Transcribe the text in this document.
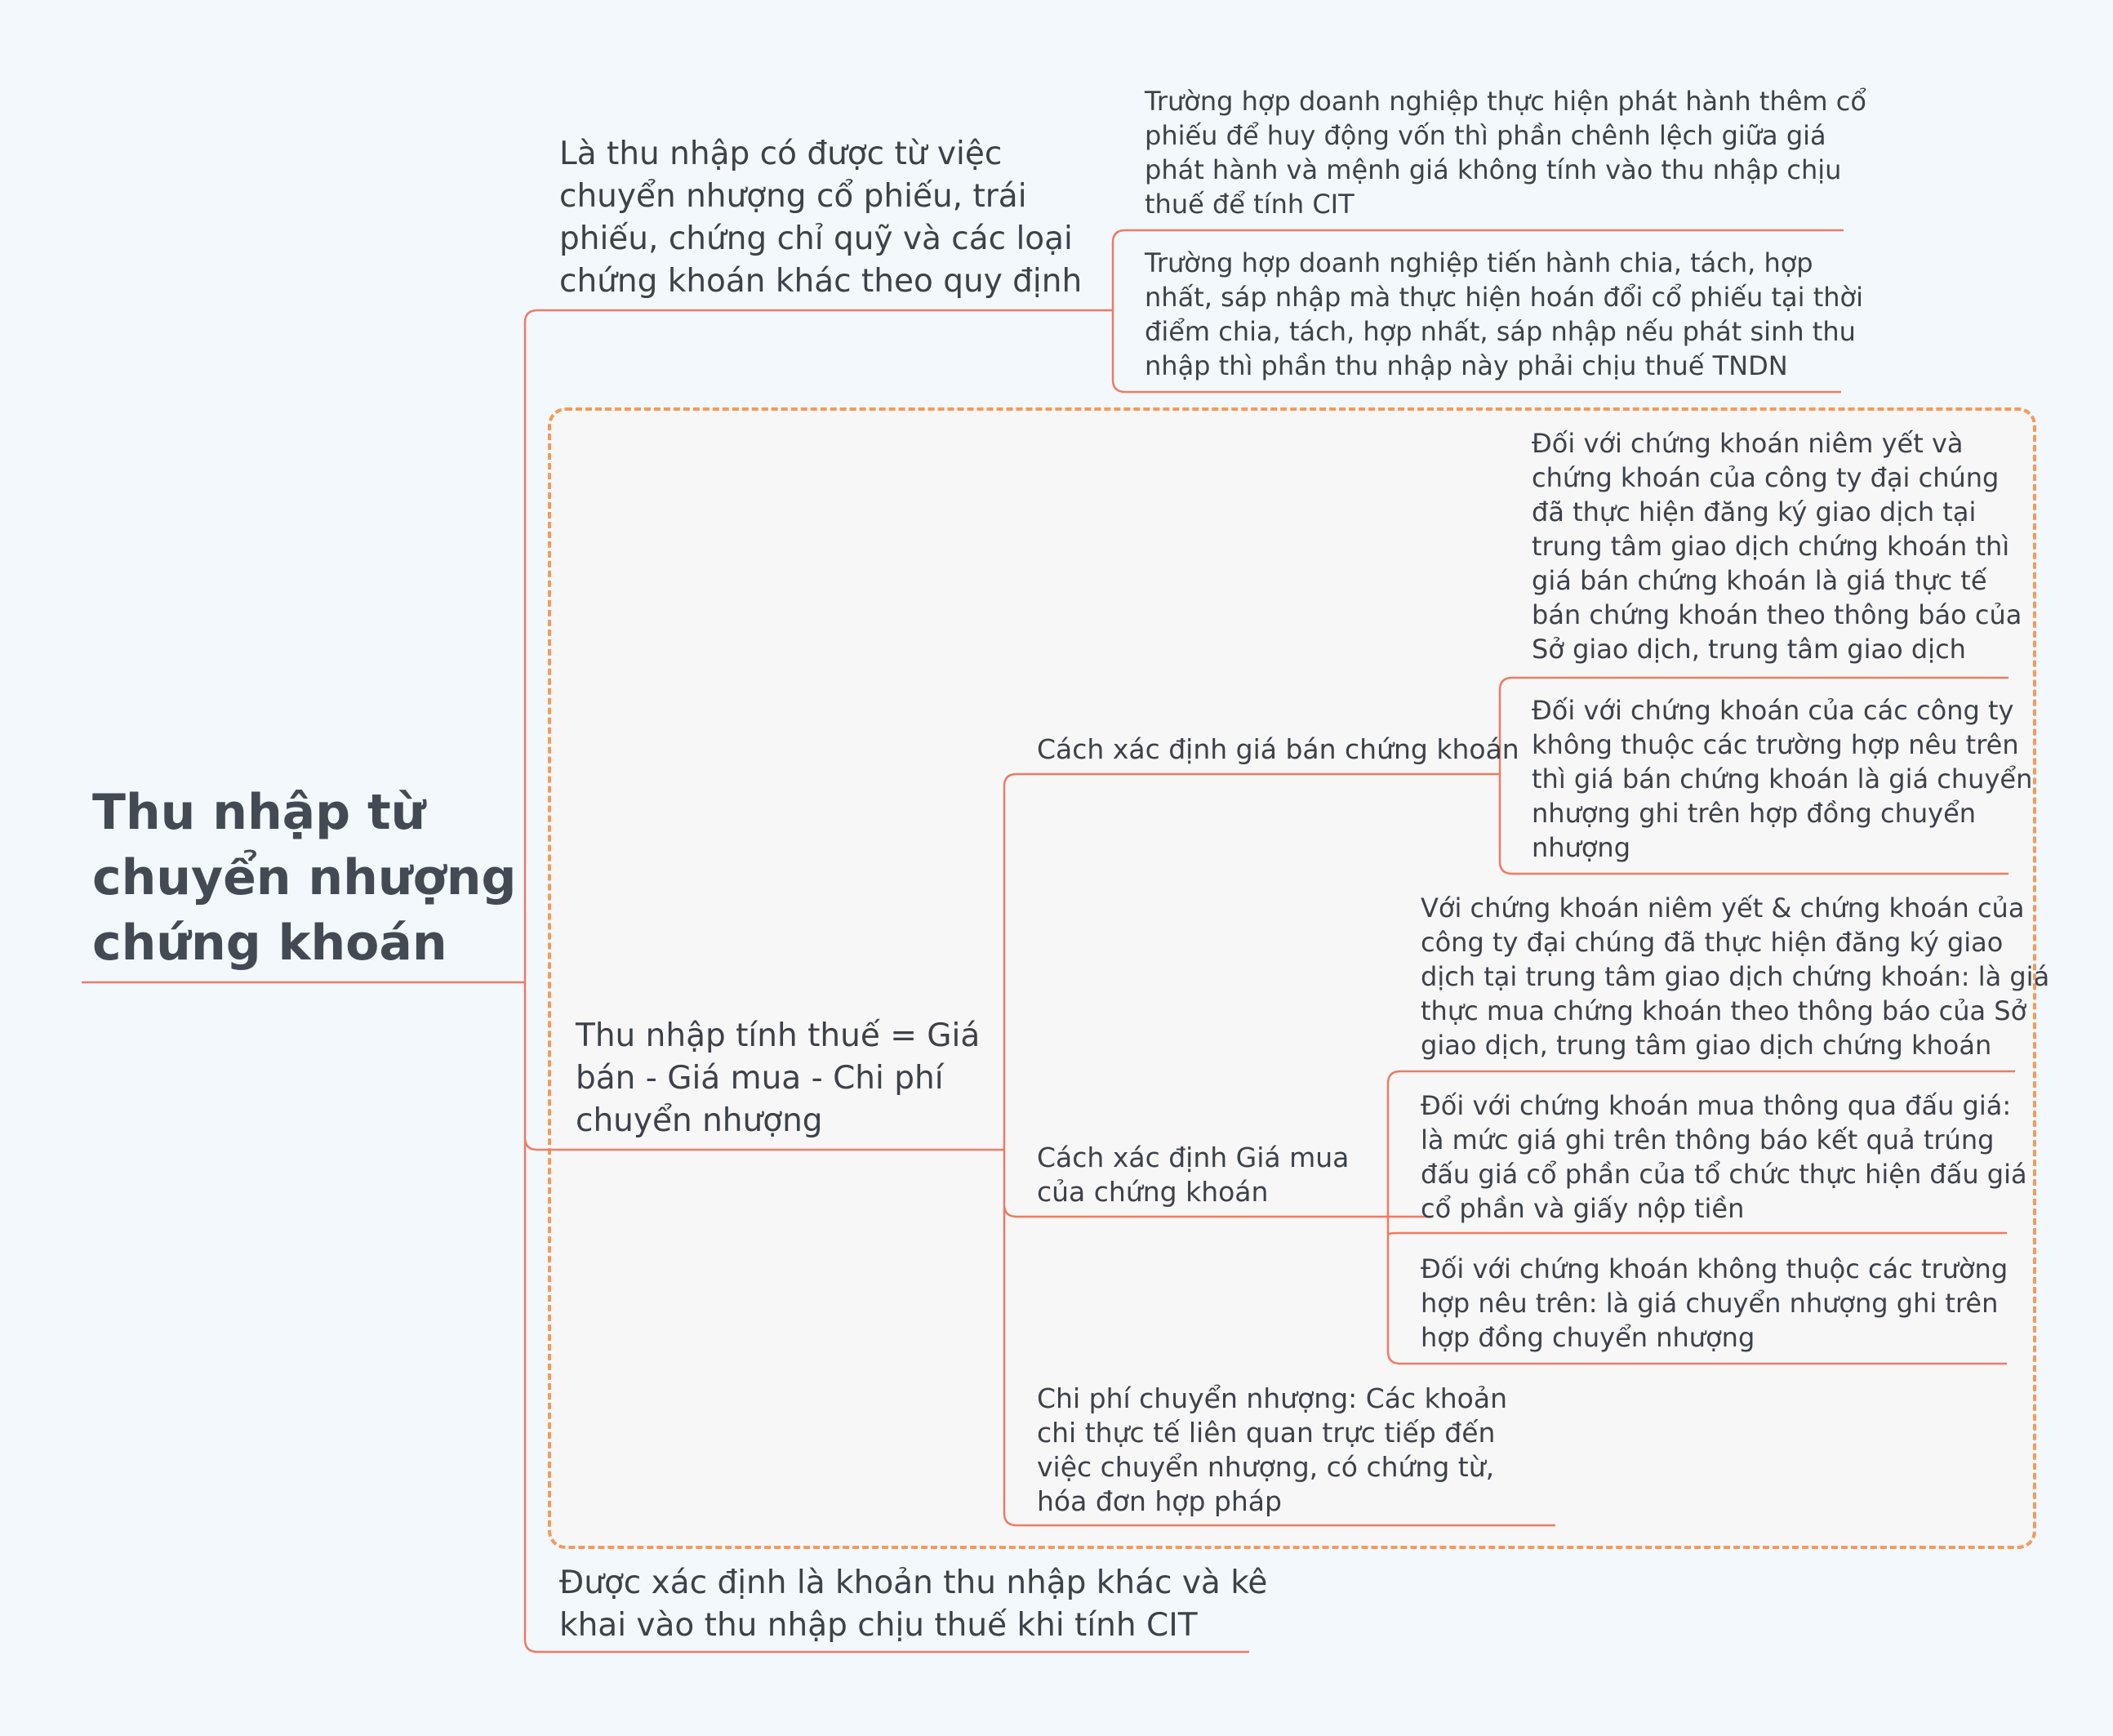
Thu nhập từ
chuyển nhượng
chứng khoán

Là thu nhập có được từ việc
chuyển nhượng cổ phiếu, trái
phiếu, chứng chỉ quỹ và các loại
chứng khoán khác theo quy định

Trường hợp doanh nghiệp thực hiện phát hành thêm cổ
phiếu để huy động vốn thì phần chênh lệch giữa giá
phát hành và mệnh giá không tính vào thu nhập chịu
thuế để tính CIT

Trường hợp doanh nghiệp tiến hành chia, tách, hợp
nhất, sáp nhập mà thực hiện hoán đổi cổ phiếu tại thời
điểm chia, tách, hợp nhất, sáp nhập nếu phát sinh thu
nhập thì phần thu nhập này phải chịu thuế TNDN

Thu nhập tính thuế = Giá
bán - Giá mua - Chi phí
chuyển nhượng

Cách xác định giá bán chứng khoán

Đối với chứng khoán niêm yết và
chứng khoán của công ty đại chúng
đã thực hiện đăng ký giao dịch tại
trung tâm giao dịch chứng khoán thì
giá bán chứng khoán là giá thực tế
bán chứng khoán theo thông báo của
Sở giao dịch, trung tâm giao dịch

Đối với chứng khoán của các công ty
không thuộc các trường hợp nêu trên
thì giá bán chứng khoán là giá chuyển
nhượng ghi trên hợp đồng chuyển
nhượng

Cách xác định Giá mua
của chứng khoán

Với chứng khoán niêm yết & chứng khoán của
công ty đại chúng đã thực hiện đăng ký giao
dịch tại trung tâm giao dịch chứng khoán: là giá
thực mua chứng khoán theo thông báo của Sở
giao dịch, trung tâm giao dịch chứng khoán

Đối với chứng khoán mua thông qua đấu giá:
là mức giá ghi trên thông báo kết quả trúng
đấu giá cổ phần của tổ chức thực hiện đấu giá
cổ phần và giấy nộp tiền

Đối với chứng khoán không thuộc các trường
hợp nêu trên: là giá chuyển nhượng ghi trên
hợp đồng chuyển nhượng

Chi phí chuyển nhượng: Các khoản
chi thực tế liên quan trực tiếp đến
việc chuyển nhượng, có chứng từ,
hóa đơn hợp pháp

Được xác định là khoản thu nhập khác và kê
khai vào thu nhập chịu thuế khi tính CIT
